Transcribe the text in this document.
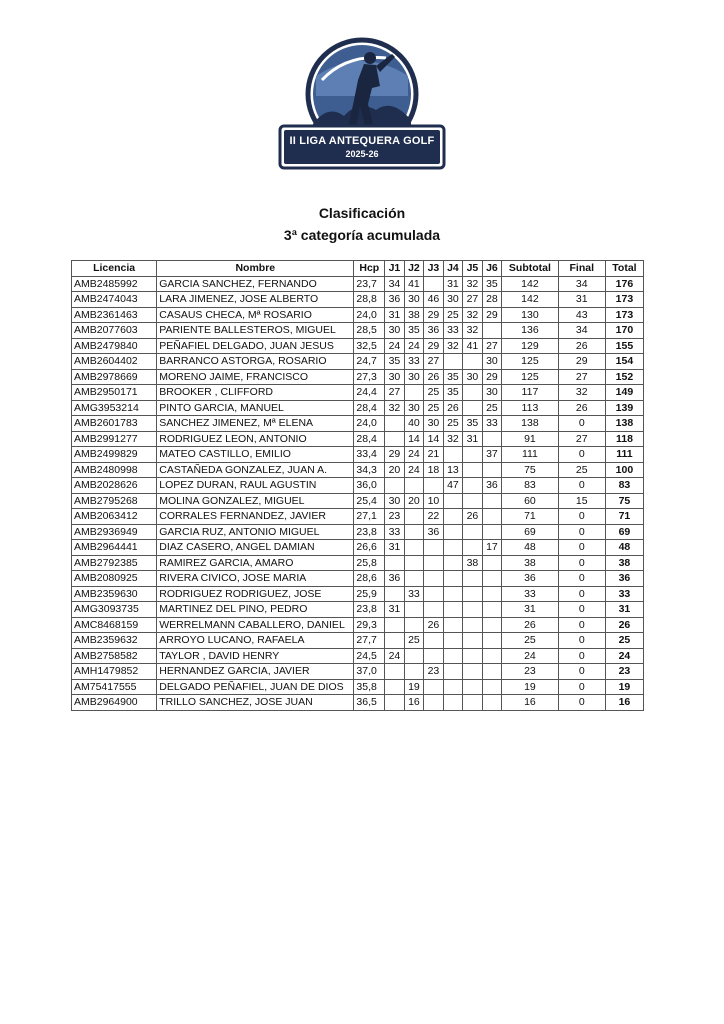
II LIGA ANTEQUERA GOLF
2025-26
Clasificación
3ª categoría acumulada
Licencia	Nombre	Hcp	J1	J2	J3	J4	J5	J6	Subtotal	Final	Total
AMB2485992	GARCIA SANCHEZ, FERNANDO	23,7	34	41		31	32	35	142	34	176
AMB2474043	LARA JIMENEZ, JOSE ALBERTO	28,8	36	30	46	30	27	28	142	31	173
AMB2361463	CASAUS CHECA, Mª ROSARIO	24,0	31	38	29	25	32	29	130	43	173
AMB2077603	PARIENTE BALLESTEROS, MIGUEL	28,5	30	35	36	33	32		136	34	170
AMB2479840	PEÑAFIEL DELGADO, JUAN JESUS	32,5	24	24	29	32	41	27	129	26	155
AMB2604402	BARRANCO ASTORGA, ROSARIO	24,7	35	33	27			30	125	29	154
AMB2978669	MORENO JAIME, FRANCISCO	27,3	30	30	26	35	30	29	125	27	152
AMB2950171	BROOKER , CLIFFORD	24,4	27		25	35		30	117	32	149
AMG3953214	PINTO GARCIA, MANUEL	28,4	32	30	25	26		25	113	26	139
AMB2601783	SANCHEZ JIMENEZ, Mª ELENA	24,0		40	30	25	35	33	138	0	138
AMB2991277	RODRIGUEZ LEON, ANTONIO	28,4		14	14	32	31		91	27	118
AMB2499829	MATEO CASTILLO, EMILIO	33,4	29	24	21			37	111	0	111
AMB2480998	CASTAÑEDA GONZALEZ, JUAN A.	34,3	20	24	18	13			75	25	100
AMB2028626	LOPEZ DURAN, RAUL AGUSTIN	36,0				47		36	83	0	83
AMB2795268	MOLINA GONZALEZ, MIGUEL	25,4	30	20	10				60	15	75
AMB2063412	CORRALES FERNANDEZ, JAVIER	27,1	23		22		26		71	0	71
AMB2936949	GARCIA RUZ, ANTONIO MIGUEL	23,8	33		36				69	0	69
AMB2964441	DIAZ CASERO, ANGEL DAMIAN	26,6	31					17	48	0	48
AMB2792385	RAMIREZ GARCIA, AMARO	25,8					38		38	0	38
AMB2080925	RIVERA CIVICO, JOSE MARIA	28,6	36						36	0	36
AMB2359630	RODRIGUEZ RODRIGUEZ, JOSE	25,9		33					33	0	33
AMG3093735	MARTINEZ DEL PINO, PEDRO	23,8	31						31	0	31
AMC8468159	WERRELMANN CABALLERO, DANIEL	29,3			26				26	0	26
AMB2359632	ARROYO LUCANO, RAFAELA	27,7		25					25	0	25
AMB2758582	TAYLOR , DAVID HENRY	24,5	24						24	0	24
AMH1479852	HERNANDEZ GARCIA, JAVIER	37,0			23				23	0	23
AM75417555	DELGADO PEÑAFIEL, JUAN DE DIOS	35,8		19					19	0	19
AMB2964900	TRILLO SANCHEZ, JOSE JUAN	36,5		16					16	0	16
